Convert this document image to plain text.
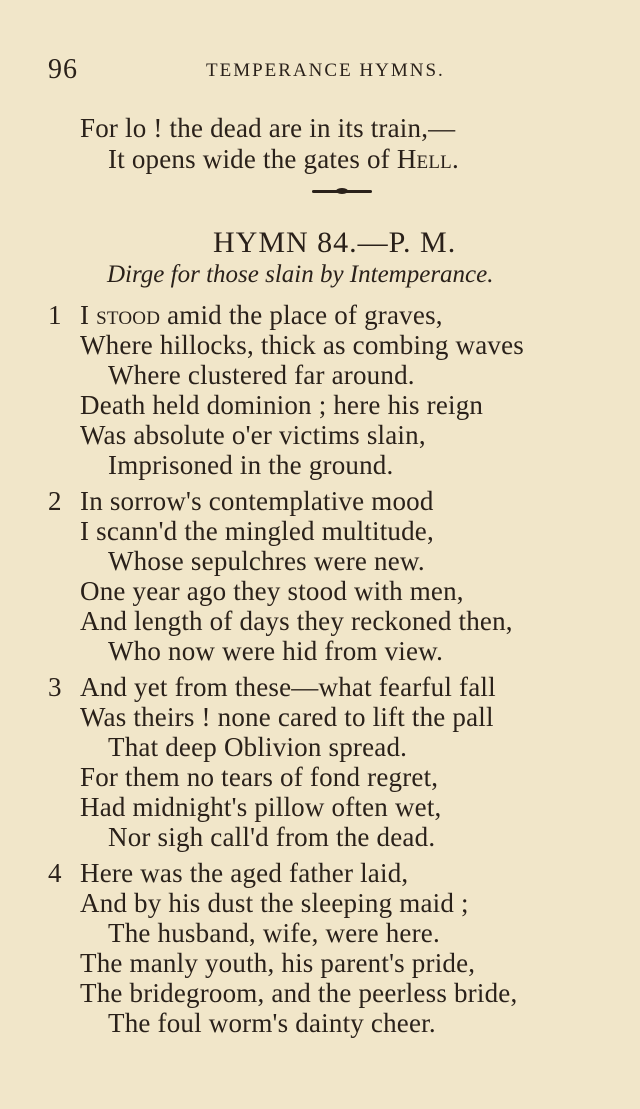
96	TEMPERANCE HYMNS.
For lo ! the dead are in its train,—
It opens wide the gates of Hell.
HYMN 84.—P. M.
Dirge for those slain by Intemperance.
1 I stood amid the place of graves,
Where hillocks, thick as combing waves
Where clustered far around.
Death held dominion ; here his reign
Was absolute o'er victims slain,
Imprisoned in the ground.
2 In sorrow's contemplative mood
I scann'd the mingled multitude,
Whose sepulchres were new.
One year ago they stood with men,
And length of days they reckoned then,
Who now were hid from view.
3 And yet from these—what fearful fall
Was theirs ! none cared to lift the pall
That deep Oblivion spread.
For them no tears of fond regret,
Had midnight's pillow often wet,
Nor sigh call'd from the dead.
4 Here was the aged father laid,
And by his dust the sleeping maid ;
The husband, wife, were here.
The manly youth, his parent's pride,
The bridegroom, and the peerless bride,
The foul worm's dainty cheer.
